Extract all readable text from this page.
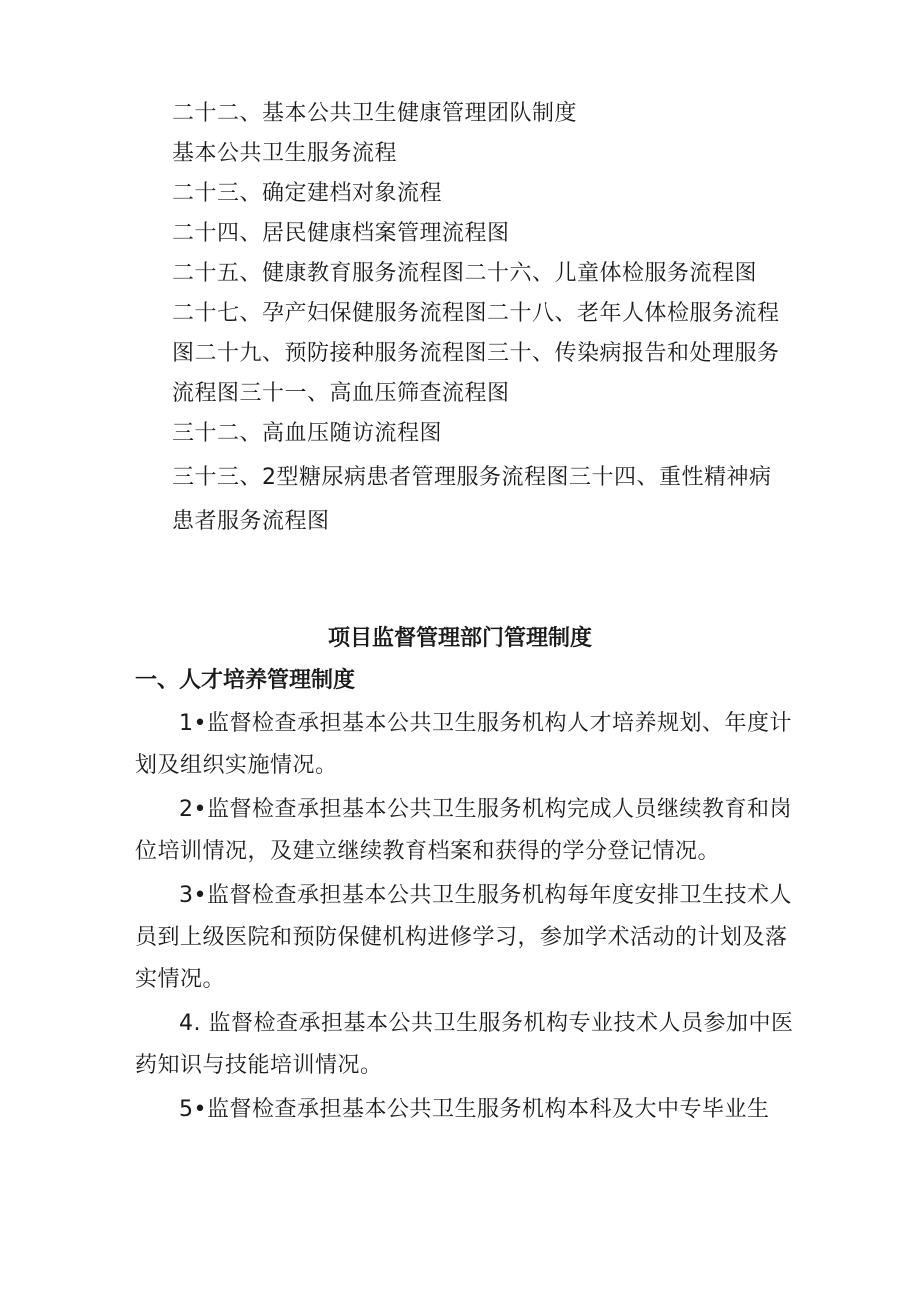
二十二、基本公共卫生健康管理团队制度
基本公共卫生服务流程
二十三、确定建档对象流程
二十四、居民健康档案管理流程图
二十五、健康教育服务流程图二十六、儿童体检服务流程图
二十七、孕产妇保健服务流程图二十八、老年人体检服务流程图二十九、预防接种服务流程图三十、传染病报告和处理服务流程图三十一、高血压筛查流程图
三十二、高血压随访流程图
三十三、2型糖尿病患者管理服务流程图三十四、重性精神病患者服务流程图
项目监督管理部门管理制度
一、人才培养管理制度

1•监督检查承担基本公共卫生服务机构人才培养规划、年度计划及组织实施情况。

2•监督检查承担基本公共卫生服务机构完成人员继续教育和岗位培训情况，及建立继续教育档案和获得的学分登记情况。

3•监督检查承担基本公共卫生服务机构每年度安排卫生技术人员到上级医院和预防保健机构进修学习，参加学术活动的计划及落实情况。

4. 监督检查承担基本公共卫生服务机构专业技术人员参加中医药知识与技能培训情况。

5•监督检查承担基本公共卫生服务机构本科及大中专毕业生
